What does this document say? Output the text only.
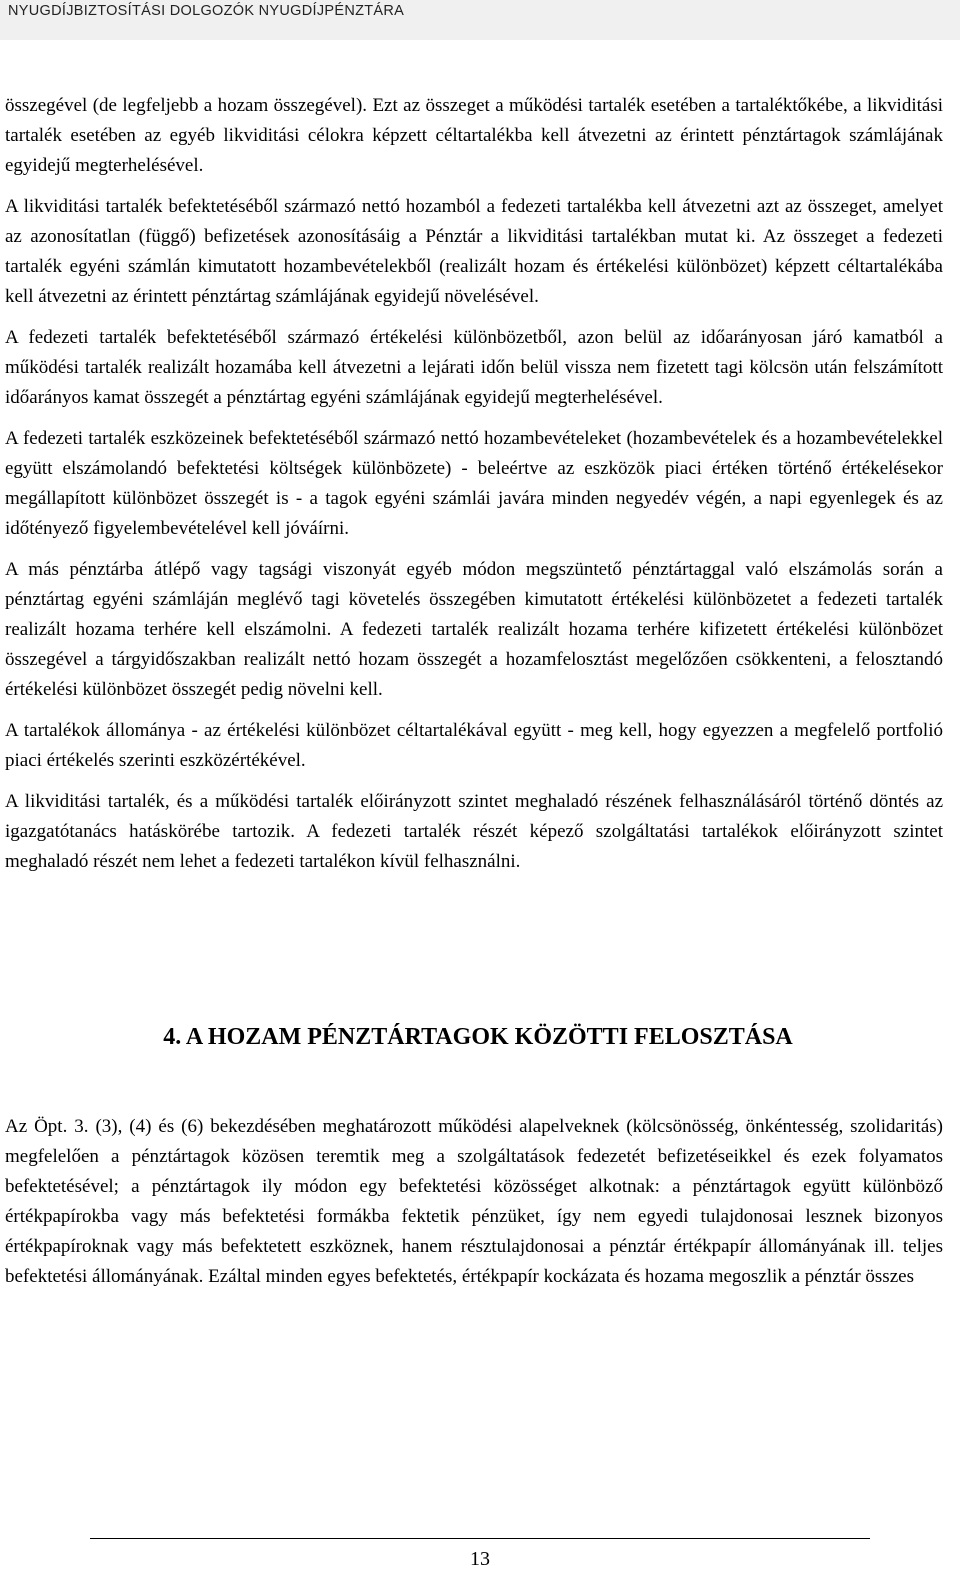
NYUGDÍJBIZTOSÍTÁSI DOLGOZÓK NYUGDÍJPÉNZTÁRA

összegével (de legfeljebb a hozam összegével). Ezt az összeget a működési tartalék esetében a tartaléktőkébe, a likviditási tartalék esetében az egyéb likviditási célokra képzett céltartalékba kell átvezetni az érintett pénztártagok számlájának egyidejű megterhelésével.

A likviditási tartalék befektetéséből származó nettó hozamból a fedezeti tartalékba kell átvezetni azt az összeget, amelyet az azonosítatlan (függő) befizetések azonosításáig a Pénztár a likviditási tartalékban mutat ki. Az összeget a fedezeti tartalék egyéni számlán kimutatott hozambevételekből (realizált hozam és értékelési különbözet) képzett céltartalékába kell átvezetni az érintett pénztártag számlájának egyidejű növelésével.

A fedezeti tartalék befektetéséből származó értékelési különbözetből, azon belül az időarányosan járó kamatból a működési tartalék realizált hozamába kell átvezetni a lejárati időn belül vissza nem fizetett tagi kölcsön után felszámított időarányos kamat összegét a pénztártag egyéni számlájának egyidejű megterhelésével.

A fedezeti tartalék eszközeinek befektetéséből származó nettó hozambevételeket (hozambevételek és a hozambevételekkel együtt elszámolandó befektetési költségek különbözete) - beleértve az eszközök piaci értéken történő értékelésekor megállapított különbözet összegét is - a tagok egyéni számlái javára minden negyedév végén, a napi egyenlegek és az időtényező figyelembevételével kell jóváírni.

A más pénztárba átlépő vagy tagsági viszonyát egyéb módon megszüntető pénztártaggal való elszámolás során a pénztártag egyéni számláján meglévő tagi követelés összegében kimutatott értékelési különbözetet a fedezeti tartalék realizált hozama terhére kell elszámolni. A fedezeti tartalék realizált hozama terhére kifizetett értékelési különbözet összegével a tárgyidőszakban realizált nettó hozam összegét a hozamfelosztást megelőzően csökkenteni, a felosztandó értékelési különbözet összegét pedig növelni kell.

A tartalékok állománya - az értékelési különbözet céltartalékával együtt - meg kell, hogy egyezzen a megfelelő portfolió piaci értékelés szerinti eszközértékével.

A likviditási tartalék, és a működési tartalék előirányzott szintet meghaladó részének felhasználásáról történő döntés az igazgatótanács hatáskörébe tartozik. A fedezeti tartalék részét képező szolgáltatási tartalékok előirányzott szintet meghaladó részét nem lehet a fedezeti tartalékon kívül felhasználni.

4. A HOZAM PÉNZTÁRTAGOK KÖZÖTTI FELOSZTÁSA

Az Öpt. 3. (3), (4) és (6) bekezdésében meghatározott működési alapelveknek (kölcsönösség, önkéntesség, szolidaritás) megfelelően a pénztártagok közösen teremtik meg a szolgáltatások fedezetét befizetéseikkel és ezek folyamatos befektetésével; a pénztártagok ily módon egy befektetési közösséget alkotnak: a pénztártagok együtt különböző értékpapírokba vagy más befektetési formákba fektetik pénzüket, így nem egyedi tulajdonosai lesznek bizonyos értékpapíroknak vagy más befektetett eszköznek, hanem résztulajdonosai a pénztár értékpapír állományának ill. teljes befektetési állományának. Ezáltal minden egyes befektetés, értékpapír kockázata és hozama megoszlik a pénztár összes

13
